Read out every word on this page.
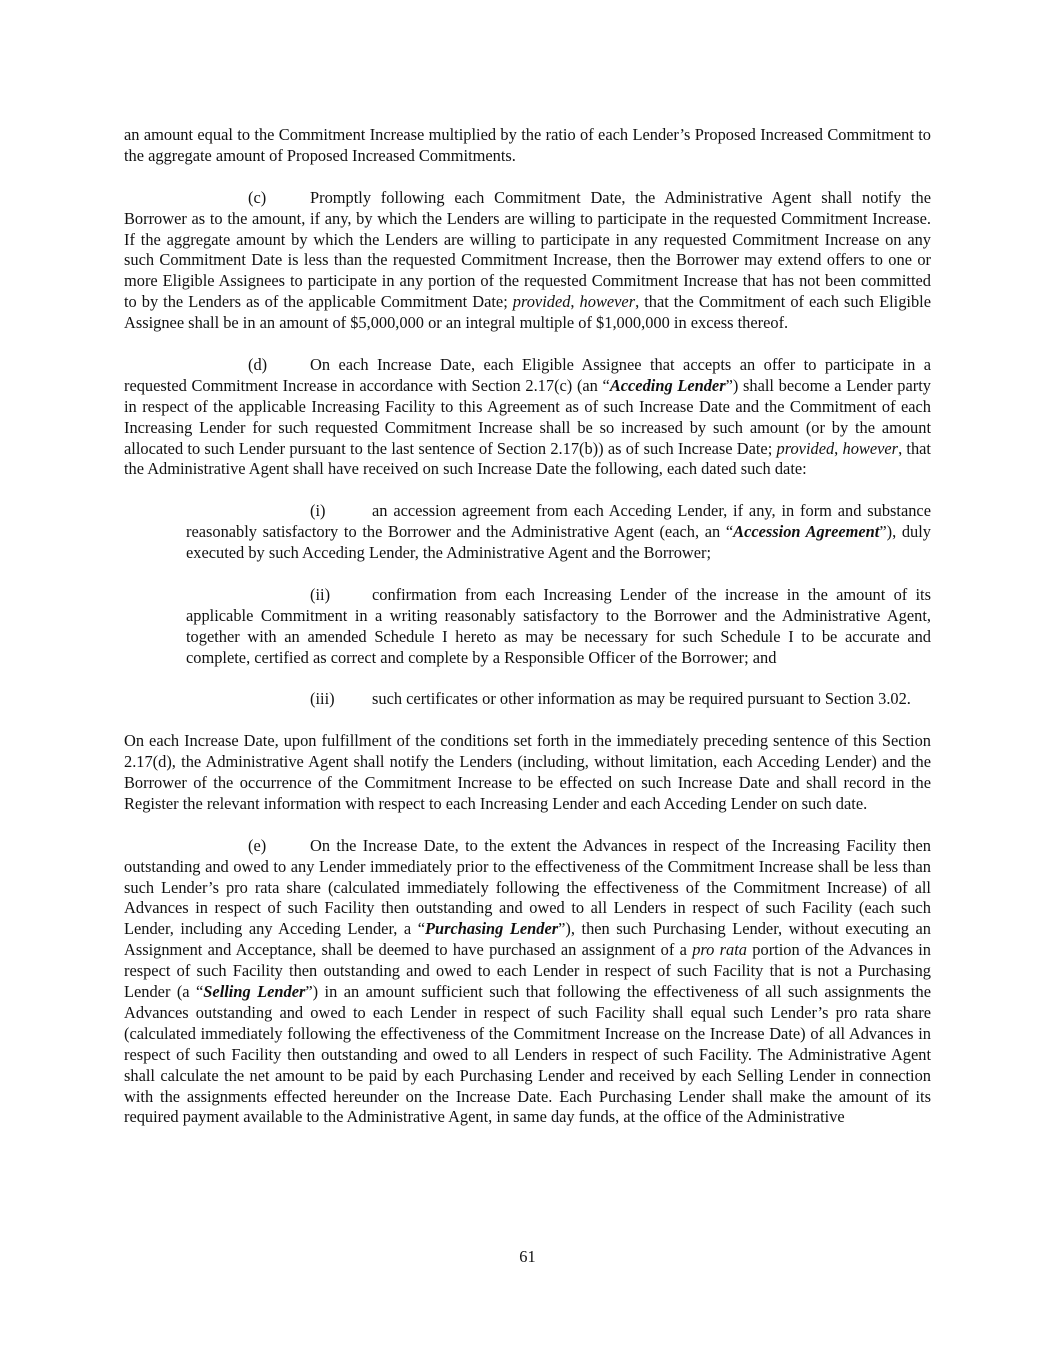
an amount equal to the Commitment Increase multiplied by the ratio of each Lender’s Proposed Increased Commitment to the aggregate amount of Proposed Increased Commitments.

(c)	Promptly following each Commitment Date, the Administrative Agent shall notify the Borrower as to the amount, if any, by which the Lenders are willing to participate in the requested Commitment Increase. If the aggregate amount by which the Lenders are willing to participate in any requested Commitment Increase on any such Commitment Date is less than the requested Commitment Increase, then the Borrower may extend offers to one or more Eligible Assignees to participate in any portion of the requested Commitment Increase that has not been committed to by the Lenders as of the applicable Commitment Date; provided, however, that the Commitment of each such Eligible Assignee shall be in an amount of $5,000,000 or an integral multiple of $1,000,000 in excess thereof.

(d)	On each Increase Date, each Eligible Assignee that accepts an offer to participate in a requested Commitment Increase in accordance with Section 2.17(c) (an “Acceding Lender”) shall become a Lender party in respect of the applicable Increasing Facility to this Agreement as of such Increase Date and the Commitment of each Increasing Lender for such requested Commitment Increase shall be so increased by such amount (or by the amount allocated to such Lender pursuant to the last sentence of Section 2.17(b)) as of such Increase Date; provided, however, that the Administrative Agent shall have received on such Increase Date the following, each dated such date:

(i)	an accession agreement from each Acceding Lender, if any, in form and substance reasonably satisfactory to the Borrower and the Administrative Agent (each, an “Accession Agreement”), duly executed by such Acceding Lender, the Administrative Agent and the Borrower;

(ii)	confirmation from each Increasing Lender of the increase in the amount of its applicable Commitment in a writing reasonably satisfactory to the Borrower and the Administrative Agent, together with an amended Schedule I hereto as may be necessary for such Schedule I to be accurate and complete, certified as correct and complete by a Responsible Officer of the Borrower; and

(iii) such certificates or other information as may be required pursuant to Section 3.02.

On each Increase Date, upon fulfillment of the conditions set forth in the immediately preceding sentence of this Section 2.17(d), the Administrative Agent shall notify the Lenders (including, without limitation, each Acceding Lender) and the Borrower of the occurrence of the Commitment Increase to be effected on such Increase Date and shall record in the Register the relevant information with respect to each Increasing Lender and each Acceding Lender on such date.

(e)	On the Increase Date, to the extent the Advances in respect of the Increasing Facility then outstanding and owed to any Lender immediately prior to the effectiveness of the Commitment Increase shall be less than such Lender’s pro rata share (calculated immediately following the effectiveness of the Commitment Increase) of all Advances in respect of such Facility then outstanding and owed to all Lenders in respect of such Facility (each such Lender, including any Acceding Lender, a “Purchasing Lender”), then such Purchasing Lender, without executing an Assignment and Acceptance, shall be deemed to have purchased an assignment of a pro rata portion of the Advances in respect of such Facility then outstanding and owed to each Lender in respect of such Facility that is not a Purchasing Lender (a “Selling Lender”) in an amount sufficient such that following the effectiveness of all such assignments the Advances outstanding and owed to each Lender in respect of such Facility shall equal such Lender’s pro rata share (calculated immediately following the effectiveness of the Commitment Increase on the Increase Date) of all Advances in respect of such Facility then outstanding and owed to all Lenders in respect of such Facility. The Administrative Agent shall calculate the net amount to be paid by each Purchasing Lender and received by each Selling Lender in connection with the assignments effected hereunder on the Increase Date. Each Purchasing Lender shall make the amount of its required payment available to the Administrative Agent, in same day funds, at the office of the Administrative

61
